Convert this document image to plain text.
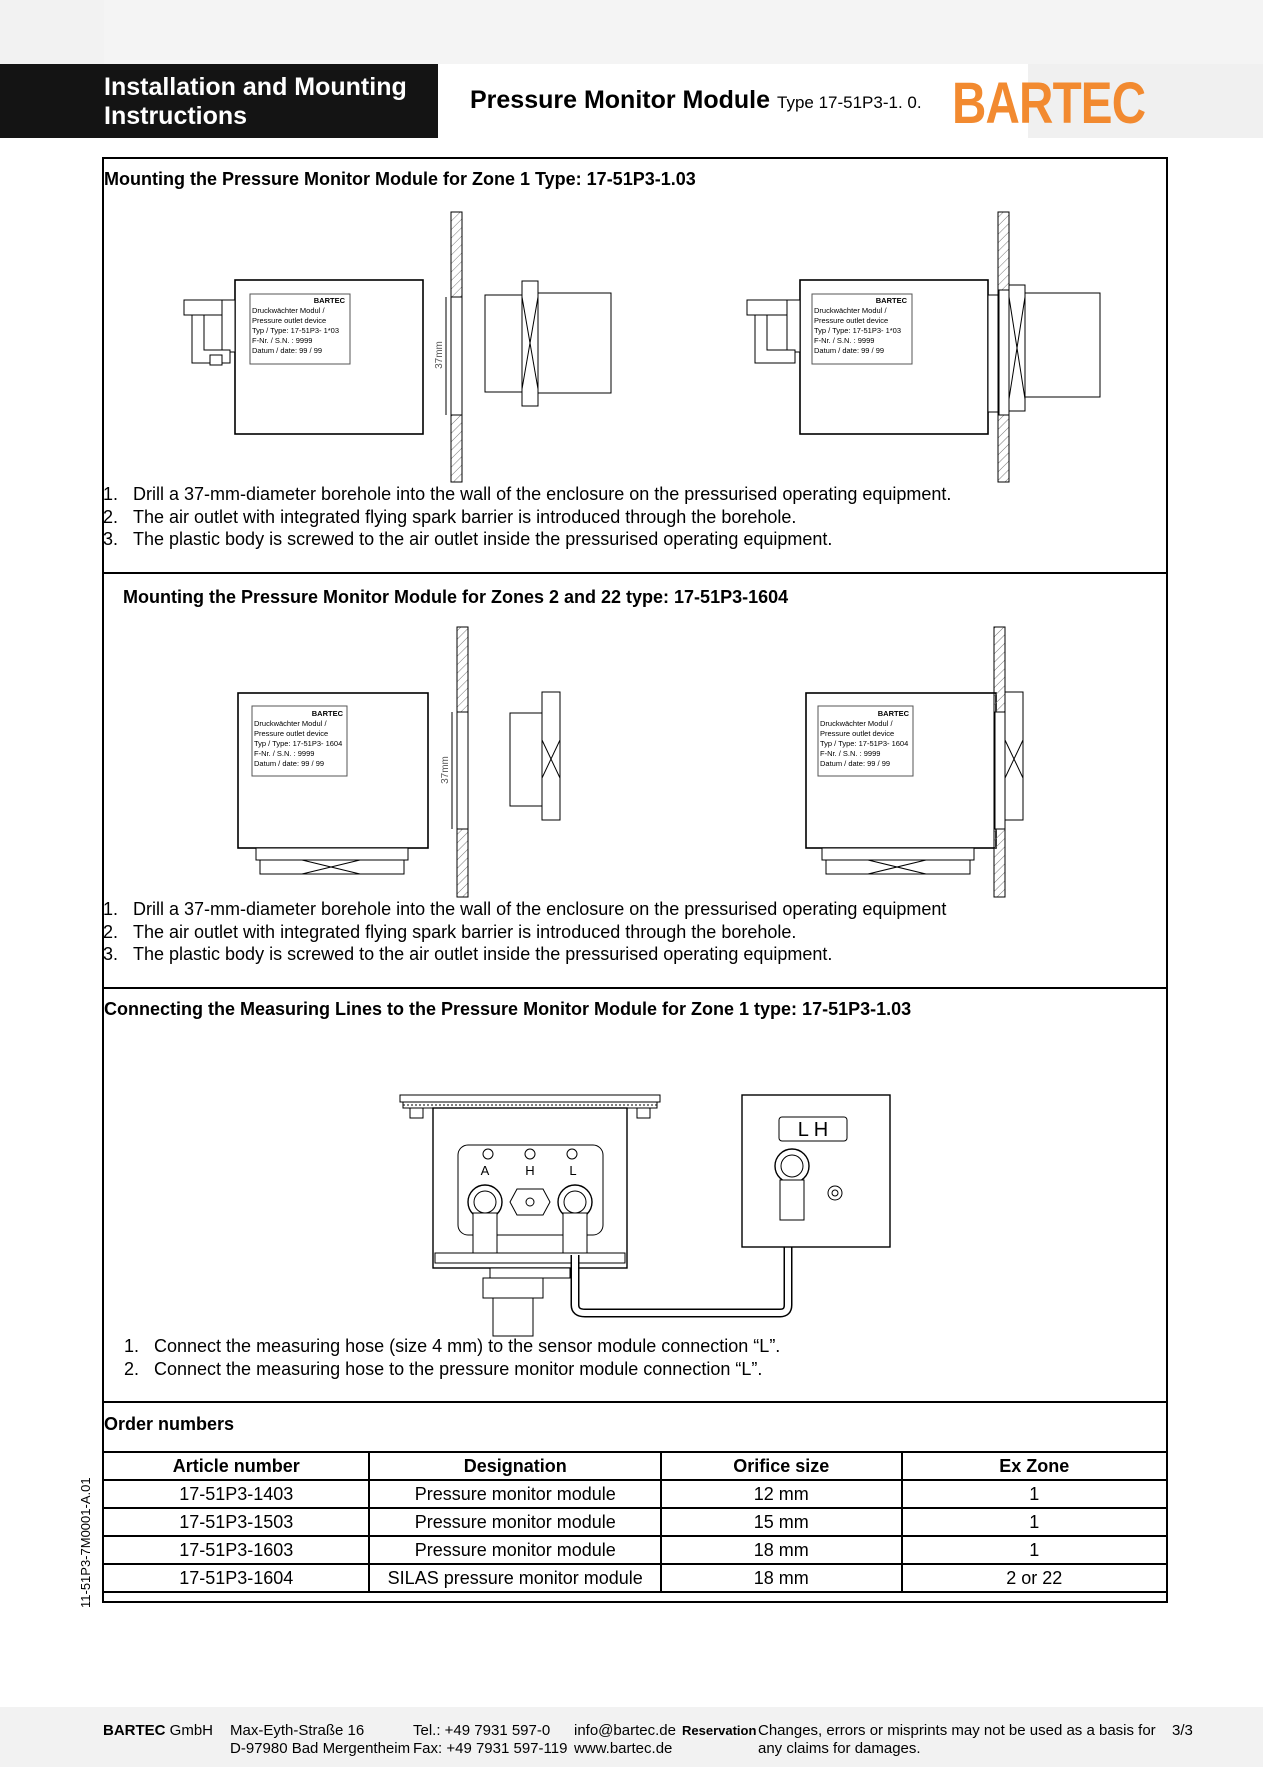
Installation and Mounting
Instructions
Pressure Monitor Module Type 17-51P3-1. 0. BARTEC
Mounting the Pressure Monitor Module for Zone 1 Type: 17-51P3-1.03
BARTEC
Druckwächter Modul /
Pressure outlet device
Typ / Type: 17-51P3- 1*03
F-Nr. / S.N. : 9999
Datum / date: 99 / 99	37mm
BARTEC
Druckwächter Modul /
Pressure outlet device
Typ / Type: 17-51P3- 1*03
F-Nr. / S.N. : 9999
Datum / date: 99 / 99
1. Drill a 37-mm-diameter borehole into the wall of the enclosure on the pressurised operating equipment.
2. The air outlet with integrated flying spark barrier is introduced through the borehole.
3. The plastic body is screwed to the air outlet inside the pressurised operating equipment.
Mounting the Pressure Monitor Module for Zones 2 and 22 type: 17-51P3-1604
BARTEC
Druckwächter Modul /
Pressure outlet device
Typ / Type: 17-51P3- 1604
F-Nr. / S.N. : 9999
Datum / date: 99 / 99	37mm
BARTEC
Druckwächter Modul /
Pressure outlet device
Typ / Type: 17-51P3- 1604
F-Nr. / S.N. : 9999
Datum / date: 99 / 99
1. Drill a 37-mm-diameter borehole into the wall of the enclosure on the pressurised operating equipment
2. The air outlet with integrated flying spark barrier is introduced through the borehole.
3. The plastic body is screwed to the air outlet inside the pressurised operating equipment.
Connecting the Measuring Lines to the Pressure Monitor Module for Zone 1 type: 17-51P3-1.03
A	H	L
L H
1. Connect the measuring hose (size 4 mm) to the sensor module connection “L”.
2. Connect the measuring hose to the pressure monitor module connection “L”.
Order numbers
Article number	Designation	Orifice size	Ex Zone
17-51P3-1403	Pressure monitor module	12 mm	1
17-51P3-1503	Pressure monitor module	15 mm	1
17-51P3-1603	Pressure monitor module	18 mm	1
17-51P3-1604	SILAS pressure monitor module	18 mm	2 or 22
11-51P3-7M0001-A.01
BARTEC GmbH Max-Eyth-Straße 16
D-97980 Bad Mergentheim
Tel.: +49 7931 597-0
Fax: +49 7931 597-119
info@bartec.de
www.bartec.de
Reservation Changes, errors or misprints may not be used as a basis for
any claims for damages.
3/3
